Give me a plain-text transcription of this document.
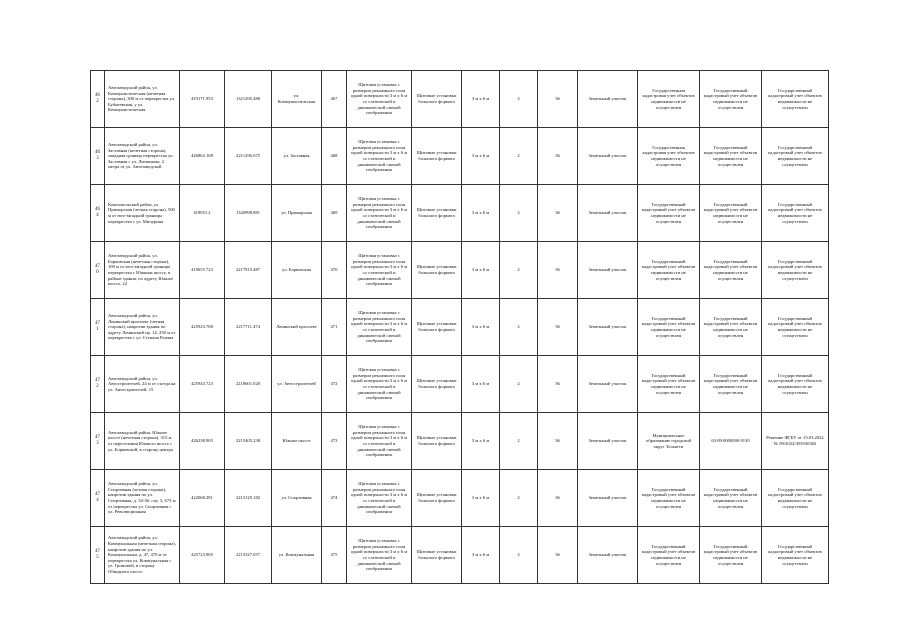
462	Автозаводский район, ул. Коммунистическая (нечетная сторона), 300 м от перекрестка ул. Бубнеевская, у ул. Коммунистическая	419171.953	1321295.486	ул. Коммунистическая	467	Щитовая установка с размером рекламного поля одной поверхности 3 м x 6 м со статической и динамической сменой изображения	Щитовые установки большого формата	3 м x 6 м	2	36	Земельный участок	Государственная кадастровая учет объектов недвижимости не осуществлен	Государственный кадастровый учет объектов недвижимости не осуществлен	Государственный кадастровый учет объектов недвижимости не осуществлен
463	Автозаводский район, ул. Заставная (нечетная сторона), западная граница перекрестка ул. Заставная с ул. Литвинова, 2 метра от ул. Автозаводской	426862.108	2211296.675	ул. Заставная	468	Щитовая установка с размером рекламного поля одной поверхности 3 м x 6 м со статической и динамической сменой изображения	Щитовые установки большого формата	3 м x 6 м	2	36	Земельный участок	Государственная кадастровая учет объектов недвижимости не осуществлен	Государственный кадастровый учет объектов недвижимости не осуществлен	Государственный кадастровый учет объектов недвижимости не осуществлен
464	Комсомольский район, ул. Приморская (четная сторона), 500 м от юго-западной границы перекрестка с ул. Мичурина	418951.2	1320998.881	ул. Приморская	469	Щитовая установка с размером рекламного поля одной поверхности 3 м x 6 м со статической и динамической сменой изображения	Щитовые установки большого формата	3 м x 6 м	2	36	Земельный участок	Государственный кадастровый учет объектов недвижимости не осуществлен	Государственный кадастровый учет объектов недвижимости не осуществлен	Государственный кадастровый учет объектов недвижимости не осуществлен
470	Автозаводский район, ул. Борковская (нечетная сторона), 100 м от юго-западной границы перекрестка с Южным шоссе, в районе здания, по адресу Южное шоссе, 22	419655.723	2217915.487	ул. Борковская	470	Щитовая установка с размером рекламного поля одной поверхности 3 м x 6 м со статической и динамической сменой изображения	Щитовые установки большого формата	3 м x 6 м	2	36	Земельный участок	Государственный кадастровый учет объектов недвижимости не осуществлен	Государственный кадастровый учет объектов недвижимости не осуществлен	Государственный кадастровый учет объектов недвижимости не осуществлен
471	Автозаводский район, ул. Ленинский проспект (четная сторона), напротив здания по адресу Ленинский пр. 14, 250 м от перекрестка с ул. Степана Разина	425923.768	2217711.474	Ленинский проспект	471	Щитовая установка с размером рекламного поля одной поверхности 3 м x 6 м со статической и динамической сменой изображения	Щитовые установки большого формата	3 м x 6 м	2	36	Земельный участок	Государственный кадастровый учет объектов недвижимости не осуществлен	Государственный кадастровый учет объектов недвижимости не осуществлен	Государственный кадастровый учет объектов недвижимости не осуществлен
472	Автозаводский район, ул. Автостроителей, 24 м от съезда на ул. Автостроителей, 15	425943.723	2218601.020	ул. Автостроителей	472	Щитовая установка с размером рекламного поля одной поверхности 3 м x 6 м со статической и динамической сменой изображения	Щитовые установки большого формата	3 м x 6 м	2	36	Земельный участок	Государственный кадастровый учет объектов недвижимости не осуществлен	Государственный кадастровый учет объектов недвижимости не осуществлен	Государственный кадастровый учет объектов недвижимости не осуществлен
473	Автозаводский район, Южное шоссе (нечетная сторона), 315 м от пересечения Южного шоссе с ул. Борковской, в сторону центра	426238.905	2215405.238	Южное шоссе	473	Щитовая установка с размером рекламного поля одной поверхности 3 м x 6 м со статической и динамической сменой изображения	Щитовые установки большого формата	3 м x 6 м	2	36	Земельный участок	Муниципальное образование городской округ Тольятти	63:09:0000000:9130	Решение ФГБУ от 15.03.2022 № 99/2022/455030382
474	Автозаводский район, ул. Спортивная (четная сторона), напротив здания по ул. Спортивная, д. 34-36, стр. 3, 673 м от перекрестка ул. Спортивная с ул. Революционная	422068.281	2213129.182	ул. Спортивная	474	Щитовая установка с размером рекламного поля одной поверхности 3 м x 6 м со статической и динамической сменой изображения	Щитовые установки большого формата	3 м x 6 м	2	36	Земельный участок	Государственный кадастровый учет объектов недвижимости не осуществлен	Государственный кадастровый учет объектов недвижимости не осуществлен	Государственный кадастровый учет объектов недвижимости не осуществлен
475	Автозаводский район, ул. Коммунальная (нечетная сторона), напротив здания по ул. Коммунальная, д. 47, 470 м от перекрестка ул. Коммунальная с ул. Громовой, в сторону Обводного шоссе	425723.905	2215527.057	ул. Коммунальная	475	Щитовая установка с размером рекламного поля одной поверхности 3 м x 6 м со статической и динамической сменой изображения	Щитовые установки большого формата	3 м x 6 м	2	36	Земельный участок	Государственный кадастровый учет объектов недвижимости не осуществлен	Государственный кадастровый учет объектов недвижимости не осуществлен	Государственный кадастровый учет объектов недвижимости не осуществлен
